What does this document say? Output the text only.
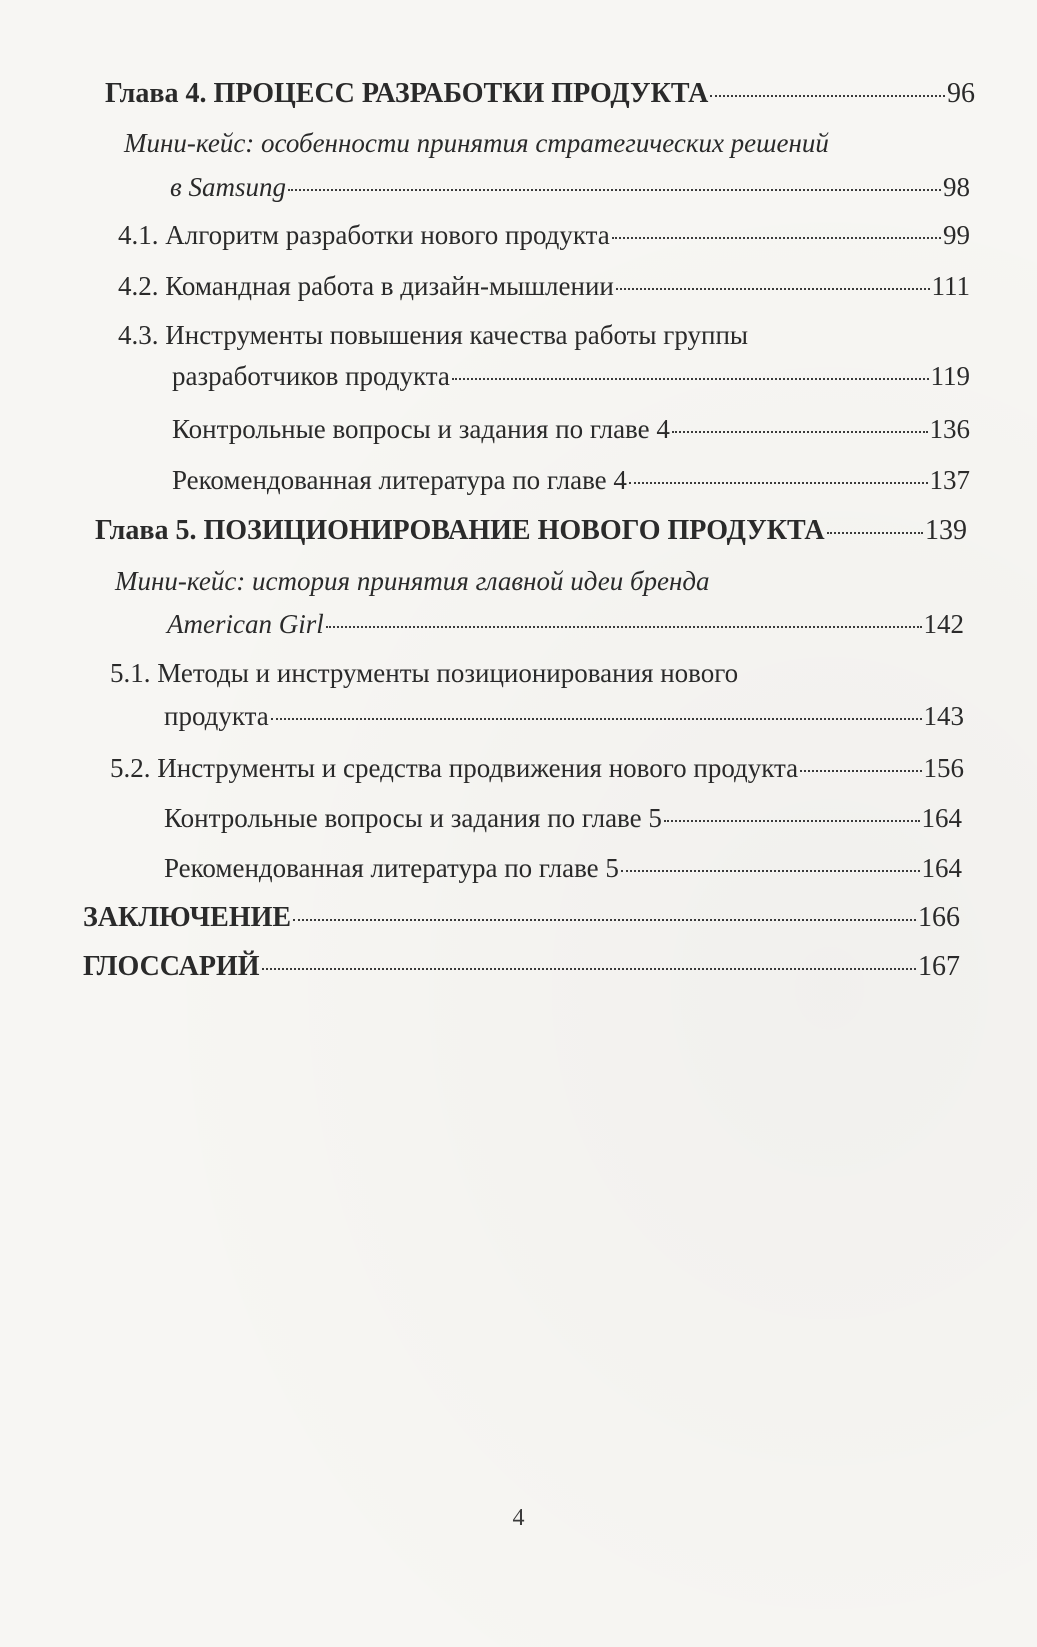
Глава 4. ПРОЦЕСС РАЗРАБОТКИ ПРОДУКТА	96
Мини-кейс: особенности принятия стратегических решений
в Samsung	98
4.1. Алгоритм разработки нового продукта	99
4.2. Командная работа в дизайн-мышлении	111
4.3. Инструменты повышения качества работы группы
разработчиков продукта	119
Контрольные вопросы и задания по главе 4	136
Рекомендованная литература по главе 4	137
Глава 5. ПОЗИЦИОНИРОВАНИЕ НОВОГО ПРОДУКТА	139
Мини-кейс: история принятия главной идеи бренда
American Girl	142
5.1. Методы и инструменты позиционирования нового
продукта	143
5.2. Инструменты и средства продвижения нового продукта	156
Контрольные вопросы и задания по главе 5	164
Рекомендованная литература по главе 5	164
ЗАКЛЮЧЕНИЕ	166
ГЛОССАРИЙ	167
4
